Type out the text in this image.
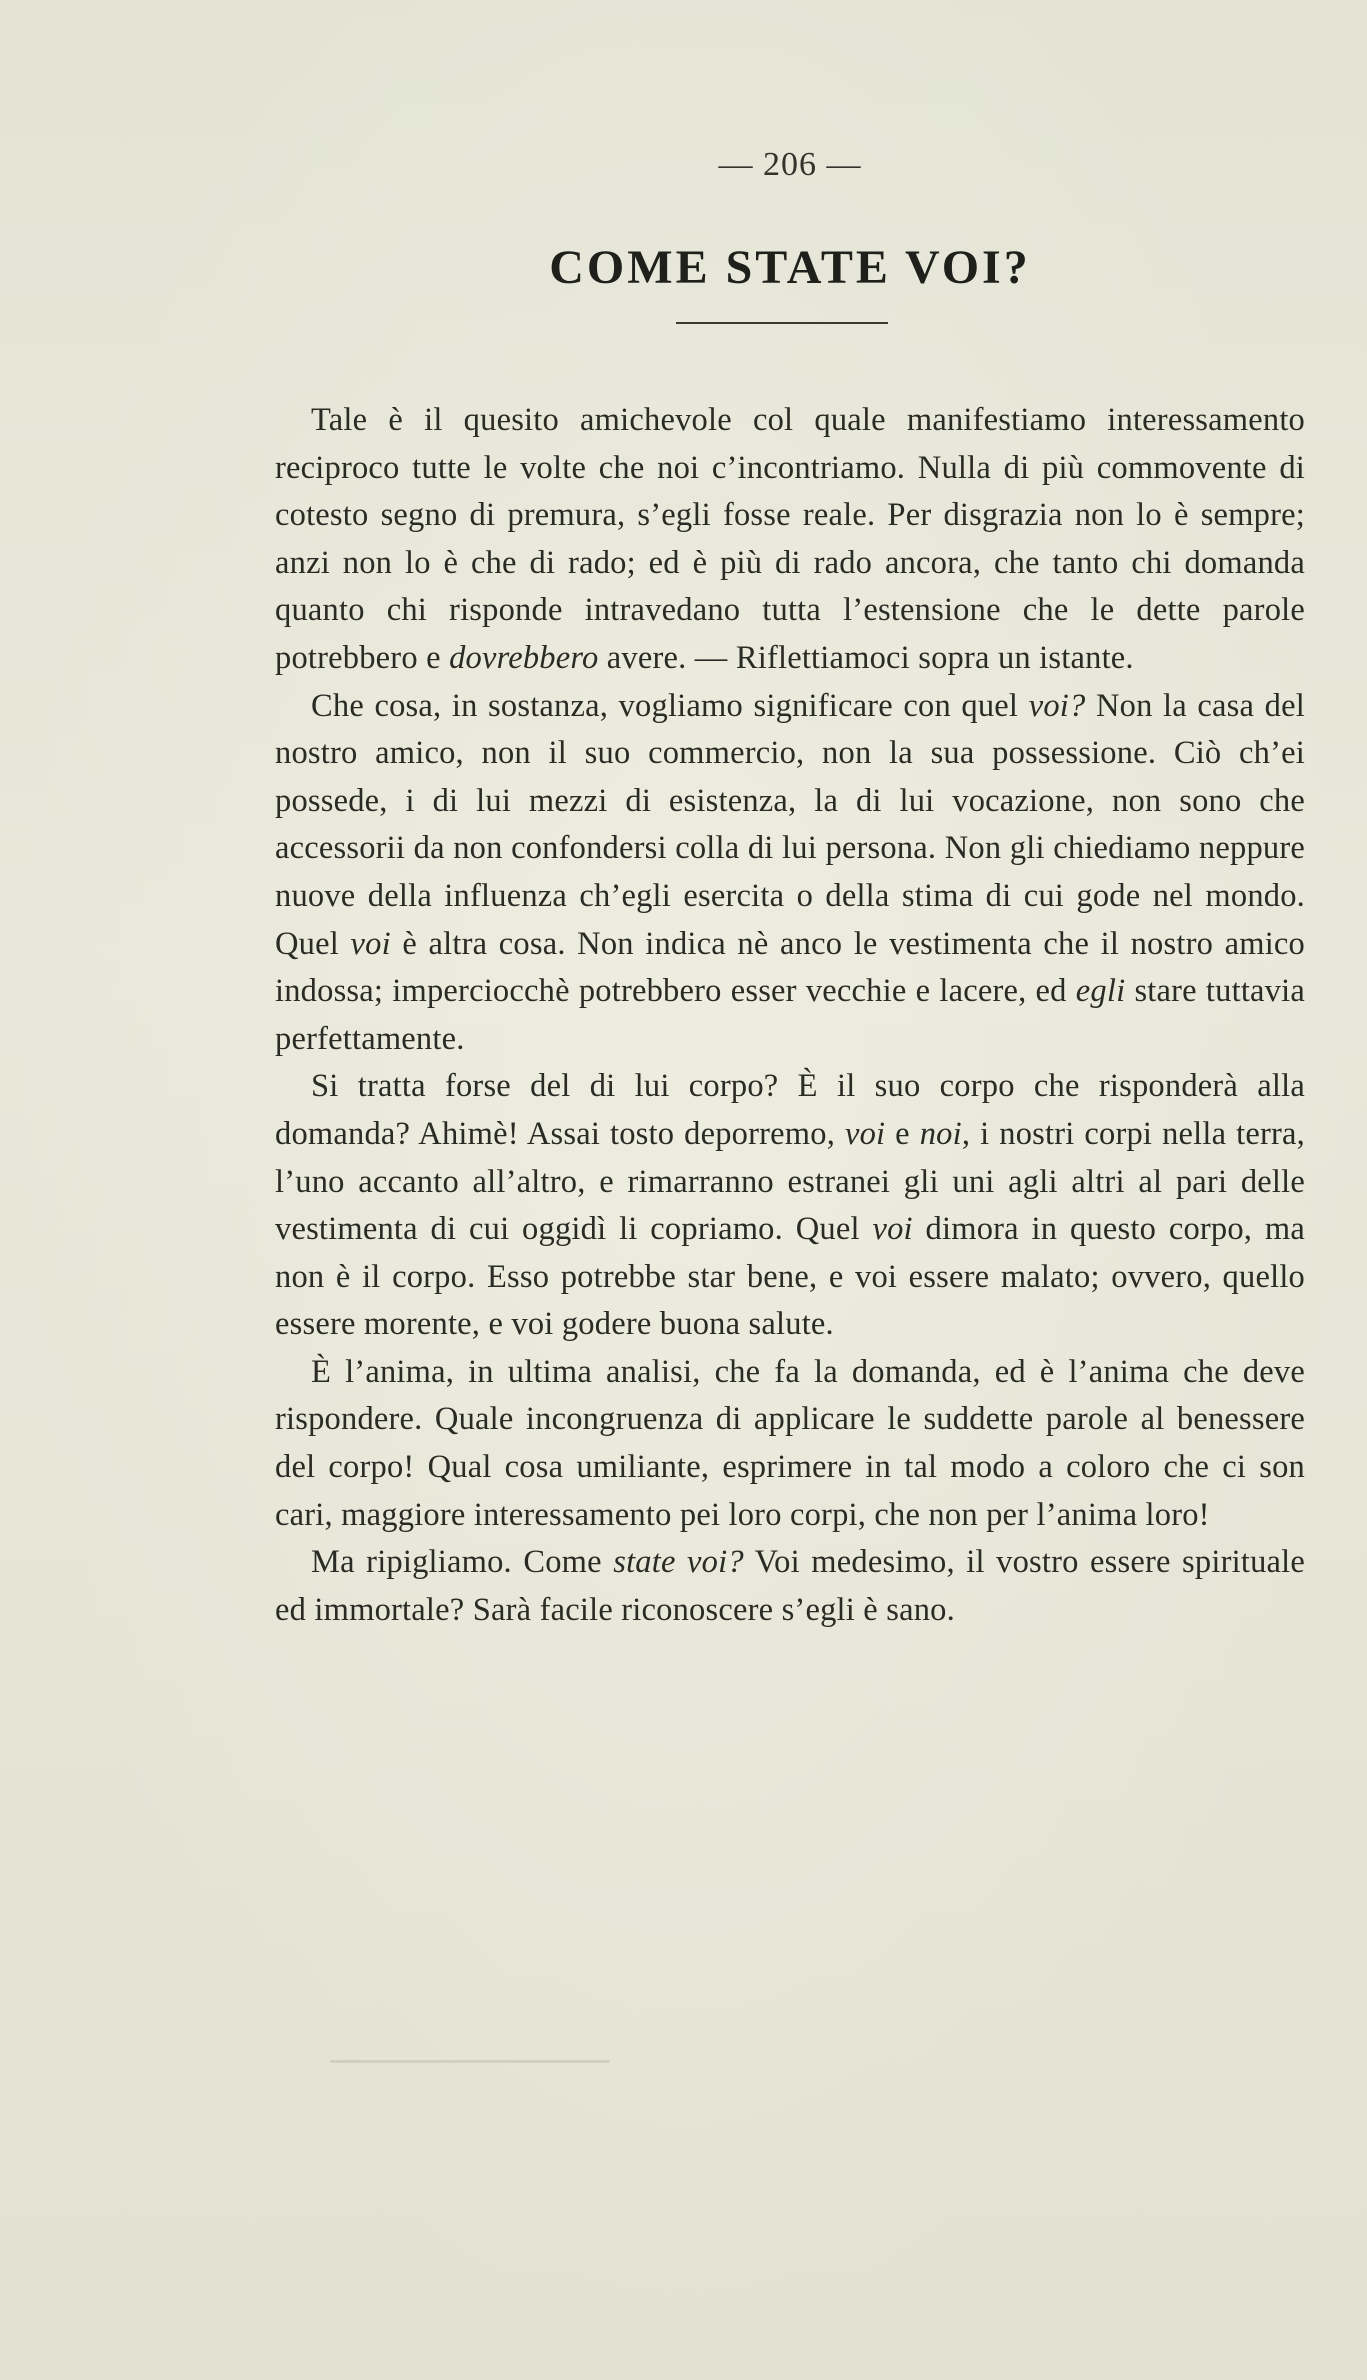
— 206 —
COME STATE VOI?

Tale è il quesito amichevole col quale manifestiamo interessamento reciproco tutte le volte che noi c’incontriamo. Nulla di più commovente di cotesto segno di premura, s’egli fosse reale. Per disgrazia non lo è sempre; anzi non lo è che di rado; ed è più di rado ancora, che tanto chi domanda quanto chi risponde intravedano tutta l’estensione che le dette parole potrebbero e dovrebbero avere. — Riflettiamoci sopra un istante.

Che cosa, in sostanza, vogliamo significare con quel voi? Non la casa del nostro amico, non il suo commercio, non la sua possessione. Ciò ch’ei possede, i di lui mezzi di esistenza, la di lui vocazione, non sono che accessorii da non confondersi colla di lui persona. Non gli chiediamo neppure nuove della influenza ch’egli esercita o della stima di cui gode nel mondo. Quel voi è altra cosa. Non indica nè anco le vestimenta che il nostro amico indossa; imperciocchè potrebbero esser vecchie e lacere, ed egli stare tuttavia perfettamente.

Si tratta forse del di lui corpo? È il suo corpo che risponderà alla domanda? Ahimè! Assai tosto deporremo, voi e noi, i nostri corpi nella terra, l’uno accanto all’altro, e rimarranno estranei gli uni agli altri al pari delle vestimenta di cui oggidì li copriamo. Quel voi dimora in questo corpo, ma non è il corpo. Esso potrebbe star bene, e voi essere malato; ovvero, quello essere morente, e voi godere buona salute.

È l’anima, in ultima analisi, che fa la domanda, ed è l’anima che deve rispondere. Quale incongruenza di applicare le suddette parole al benessere del corpo! Qual cosa umiliante, esprimere in tal modo a coloro che ci son cari, maggiore interessamento pei loro corpi, che non per l’anima loro!

Ma ripigliamo. Come state voi? Voi medesimo, il vostro essere spirituale ed immortale? Sarà facile riconoscere s’egli è sano.
